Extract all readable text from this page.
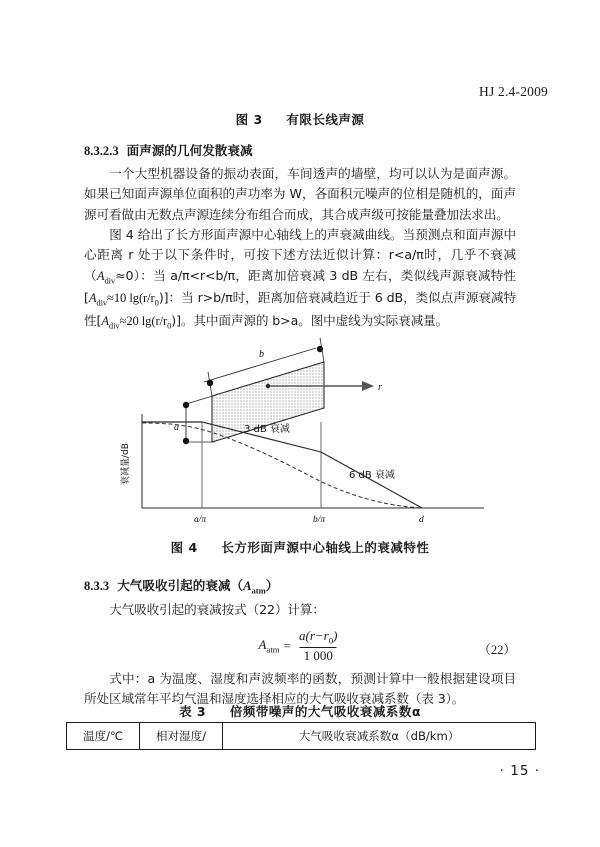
HJ 2.4-2009
图 3 有限长线声源
8.3.2.3 面声源的几何发散衰减

一个大型机器设备的振动表面，车间透声的墙壁，均可以认为是面声源。如果已知面声源单位面积的声功率为 W，各面积元噪声的位相是随机的，面声源可看做由无数点声源连续分布组合而成，其合成声级可按能量叠加法求出。

图 4 给出了长方形面声源中心轴线上的声衰减曲线。当预测点和面声源中心距离 r 处于以下条件时，可按下述方法近似计算：r<a/π时，几乎不衰减$(A_{div}\approx 0)$：当 a/π<r<b/π，距离加倍衰减 3 dB 左右，类似线声源衰减特性[$A_{div}\approx 10$ $\lg(r/r_0)$]：当 r>b/π时，距离加倍衰减趋近于 6 dB，类似点声源衰减特性[$A_{div}\approx 20$ $\lg(r/r_0)$]。其中面声源的 b>a。图中虚线为实际衰减量。

b
a
r
衰减量/dB
3 dB 衰减
6 dB 衰减
a/π	b/π	d
图 4 长方形面声源中心轴线上的衰减特性
8.3.3 大气吸收引起的衰减$(A_{atm})$

大气吸收引起的衰减按式（22）计算：

$A_{atm} = \frac{a(r-r_0)}{1 000}$	（22）

式中：a 为温度、湿度和声波频率的函数，预测计算中一般根据建设项目所处区域常年平均气温和湿度选择相应的大气吸收衰减系数（表 3）。

表 3 倍频带噪声的大气吸收衰减系数α
温度/℃	相对湿度/	大气吸收衰减系数α（dB/km）
· 15 ·
